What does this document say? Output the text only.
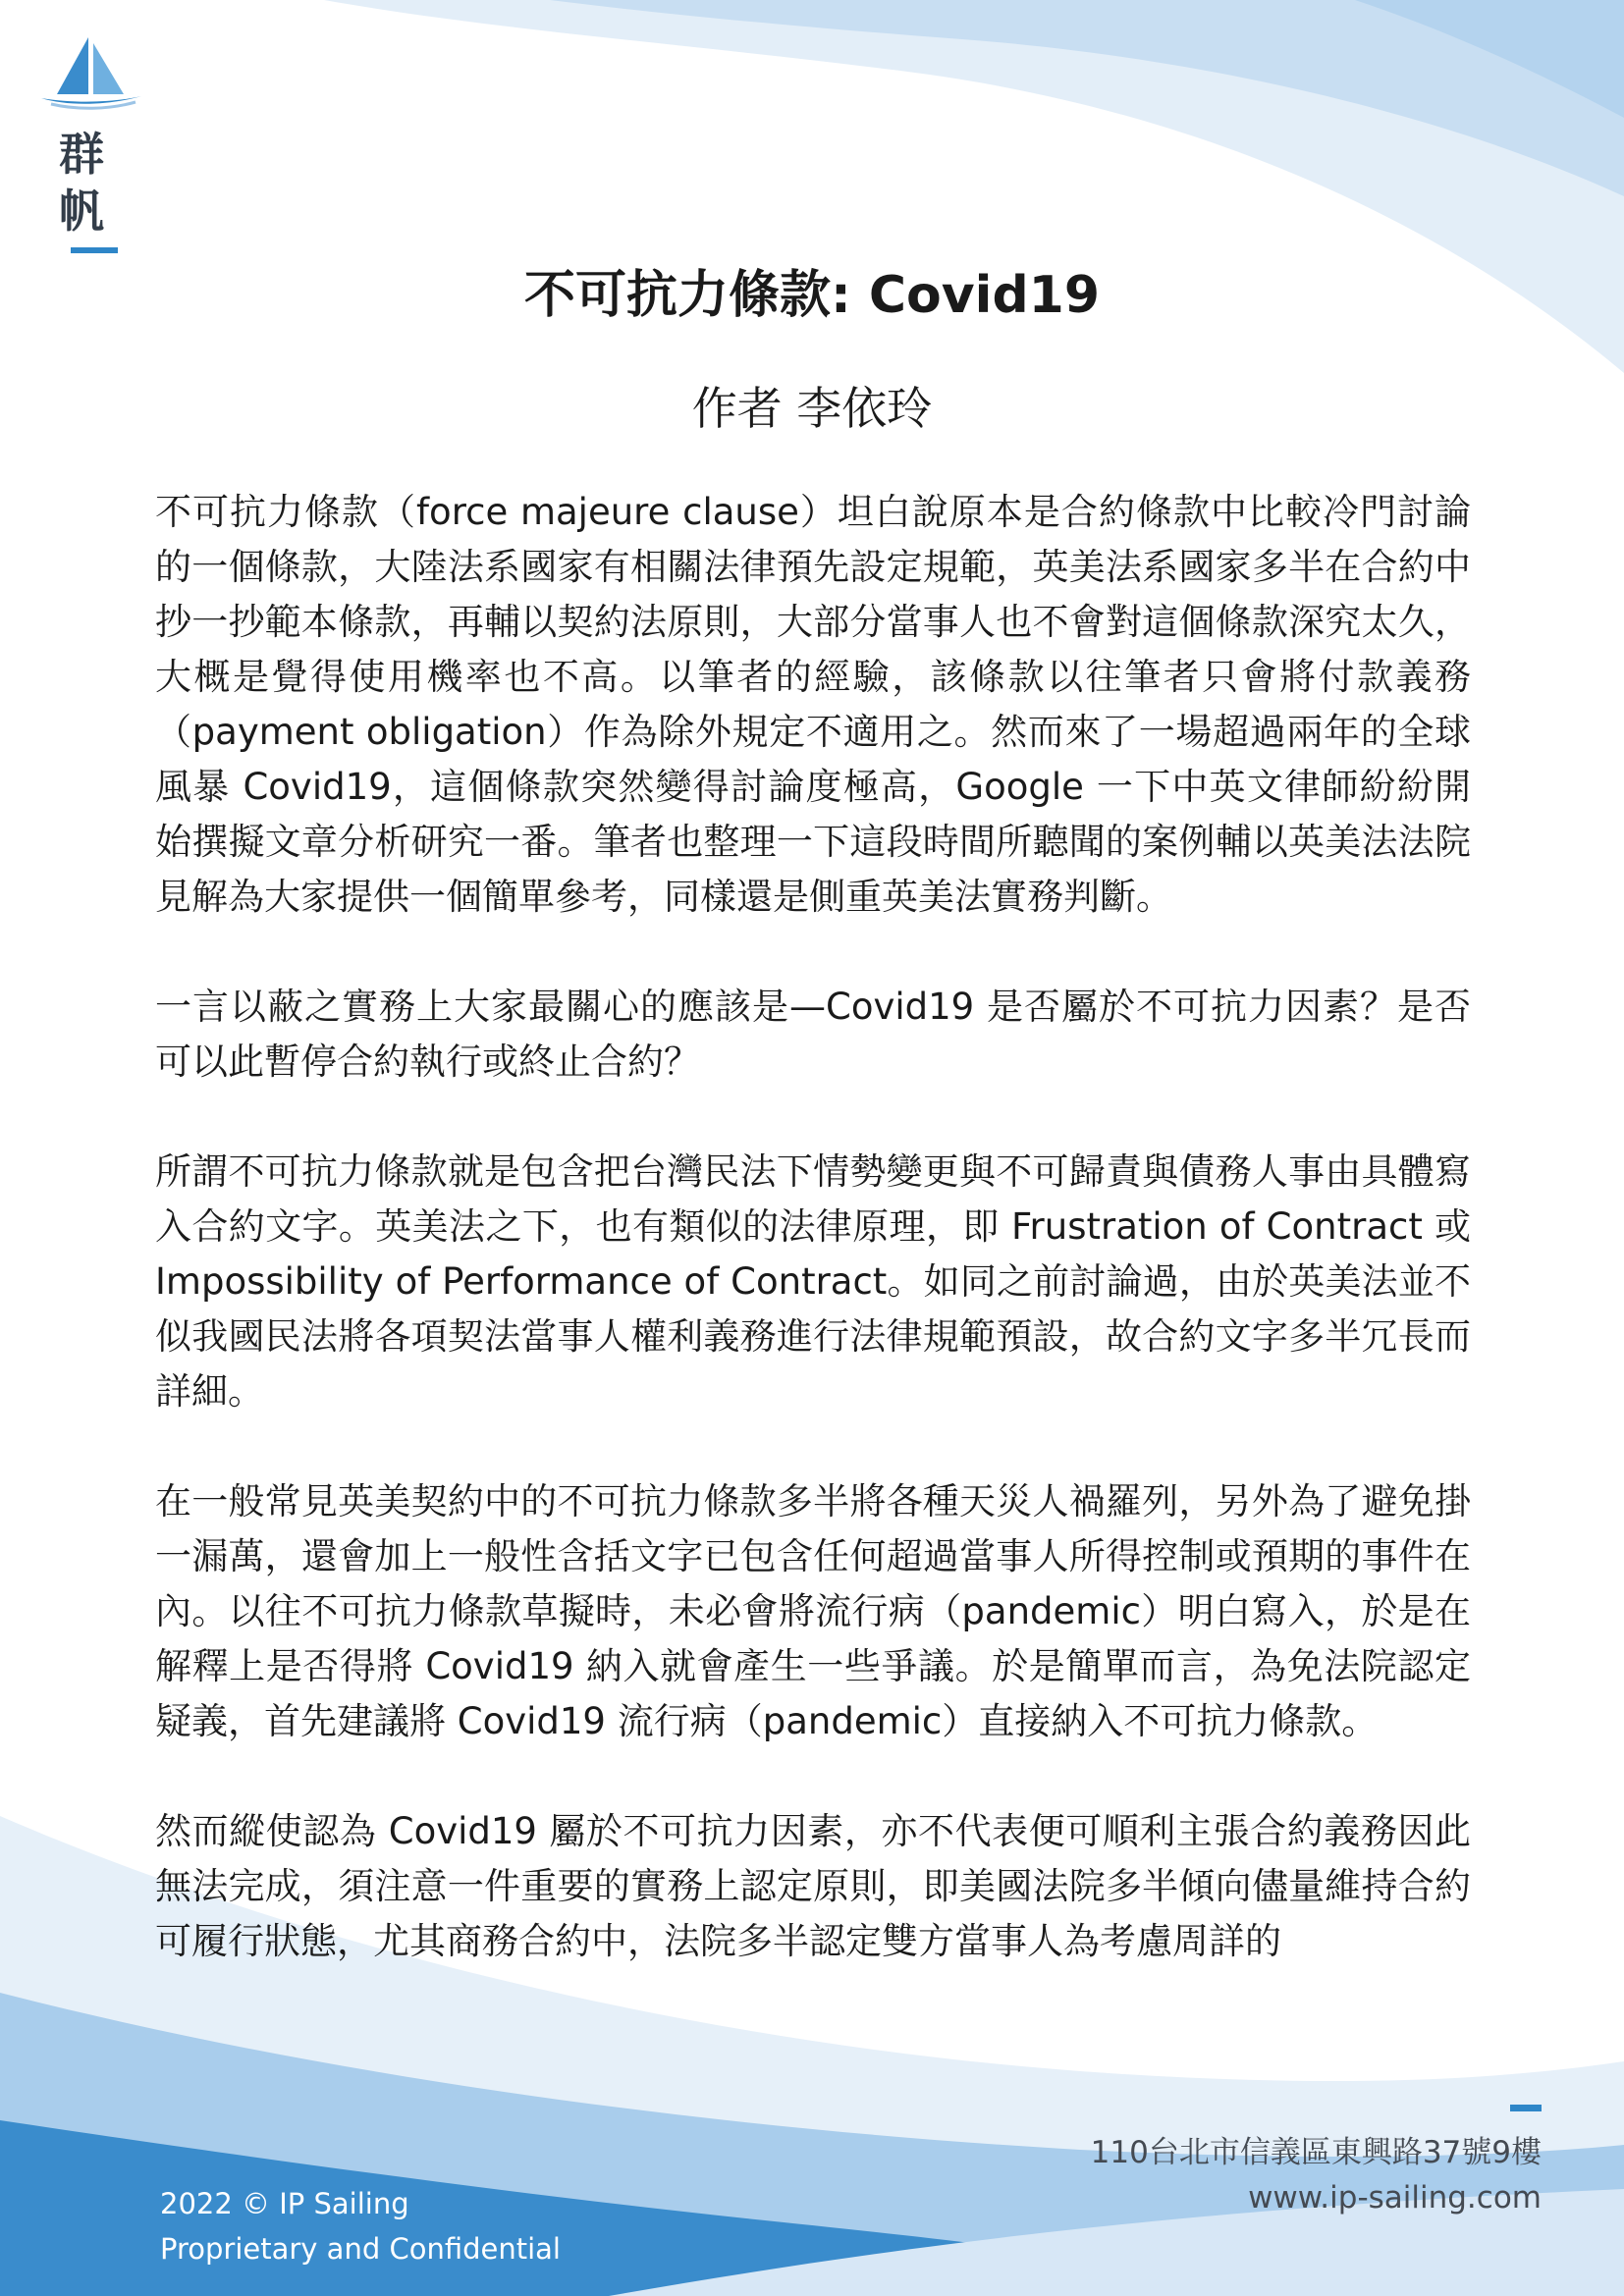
群
帆
不可抗力條款: Covid19
作者 李依玲

不可抗力條款（force majeure clause）坦白說原本是合約條款中比較冷門討論的一個條款，大陸法系國家有相關法律預先設定規範，英美法系國家多半在合約中抄一抄範本條款，再輔以契約法原則，大部分當事人也不會對這個條款深究太久，大概是覺得使用機率也不高。以筆者的經驗，該條款以往筆者只會將付款義務（payment obligation）作為除外規定不適用之。然而來了一場超過兩年的全球風暴 Covid19，這個條款突然變得討論度極高，Google 一下中英文律師紛紛開始撰擬文章分析研究一番。筆者也整理一下這段時間所聽聞的案例輔以英美法法院見解為大家提供一個簡單參考，同樣還是側重英美法實務判斷。

一言以蔽之實務上大家最關心的應該是—Covid19 是否屬於不可抗力因素？是否可以此暫停合約執行或終止合約？

所謂不可抗力條款就是包含把台灣民法下情勢變更與不可歸責與債務人事由具體寫入合約文字。英美法之下，也有類似的法律原理，即 Frustration of Contract 或 Impossibility of Performance of Contract。如同之前討論過，由於英美法並不似我國民法將各項契法當事人權利義務進行法律規範預設，故合約文字多半冗長而詳細。

在一般常見英美契約中的不可抗力條款多半將各種天災人禍羅列，另外為了避免掛一漏萬，還會加上一般性含括文字已包含任何超過當事人所得控制或預期的事件在內。以往不可抗力條款草擬時，未必會將流行病（pandemic）明白寫入，於是在解釋上是否得將 Covid19 納入就會產生一些爭議。於是簡單而言，為免法院認定疑義，首先建議將 Covid19 流行病（pandemic）直接納入不可抗力條款。

然而縱使認為 Covid19 屬於不可抗力因素，亦不代表便可順利主張合約義務因此無法完成，須注意一件重要的實務上認定原則，即美國法院多半傾向儘量維持合約可履行狀態，尤其商務合約中，法院多半認定雙方當事人為考慮周詳的

110台北市信義區東興路37號9樓
www.ip-sailing.com
2022 © IP Sailing
Proprietary and Confidential
